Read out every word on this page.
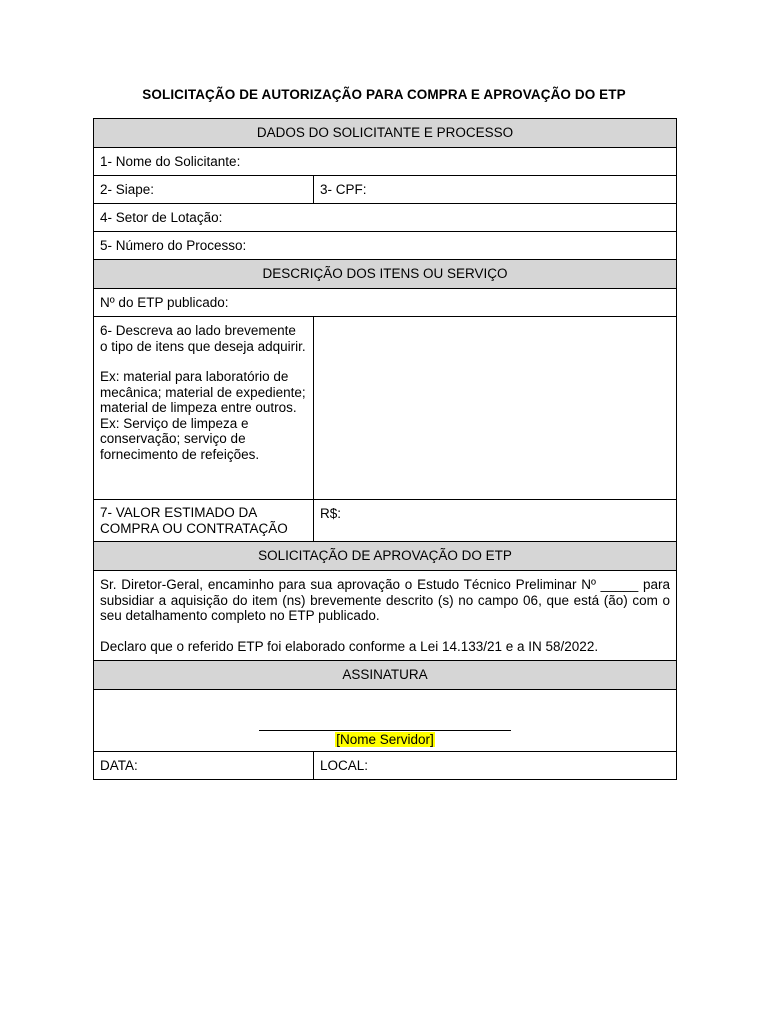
SOLICITAÇÃO DE AUTORIZAÇÃO PARA COMPRA E APROVAÇÃO DO ETP
DADOS DO SOLICITANTE E PROCESSO	
1- Nome do Solicitante:	
2- Siape:	3- CPF:
4- Setor de Lotação:	
5- Número do Processo:	
DESCRIÇÃO DOS ITENS OU SERVIÇO	
Nº do ETP publicado:	

6- Descreva ao lado brevemente o tipo de itens que deseja adquirir.

Ex: material para laboratório de mecânica; material de expediente; material de limpeza entre outros.

Ex: Serviço de limpeza e conservação; serviço de fornecimento de refeições.	

7- VALOR ESTIMADO DA COMPRA OU CONTRATAÇÃO	R$:
SOLICITAÇÃO DE APROVAÇÃO DO ETP	

Sr. Diretor-Geral, encaminho para sua aprovação o Estudo Técnico Preliminar Nº _____ para subsidiar a aquisição do item (ns) brevemente descrito (s) no campo 06, que está (ão) com o seu detalhamento completo no ETP publicado.

Declaro que o referido ETP foi elaborado conforme a Lei 14.133/21 e a IN 58/2022.	

ASSINATURA	

[Nome Servidor]	
DATA:	LOCAL:
